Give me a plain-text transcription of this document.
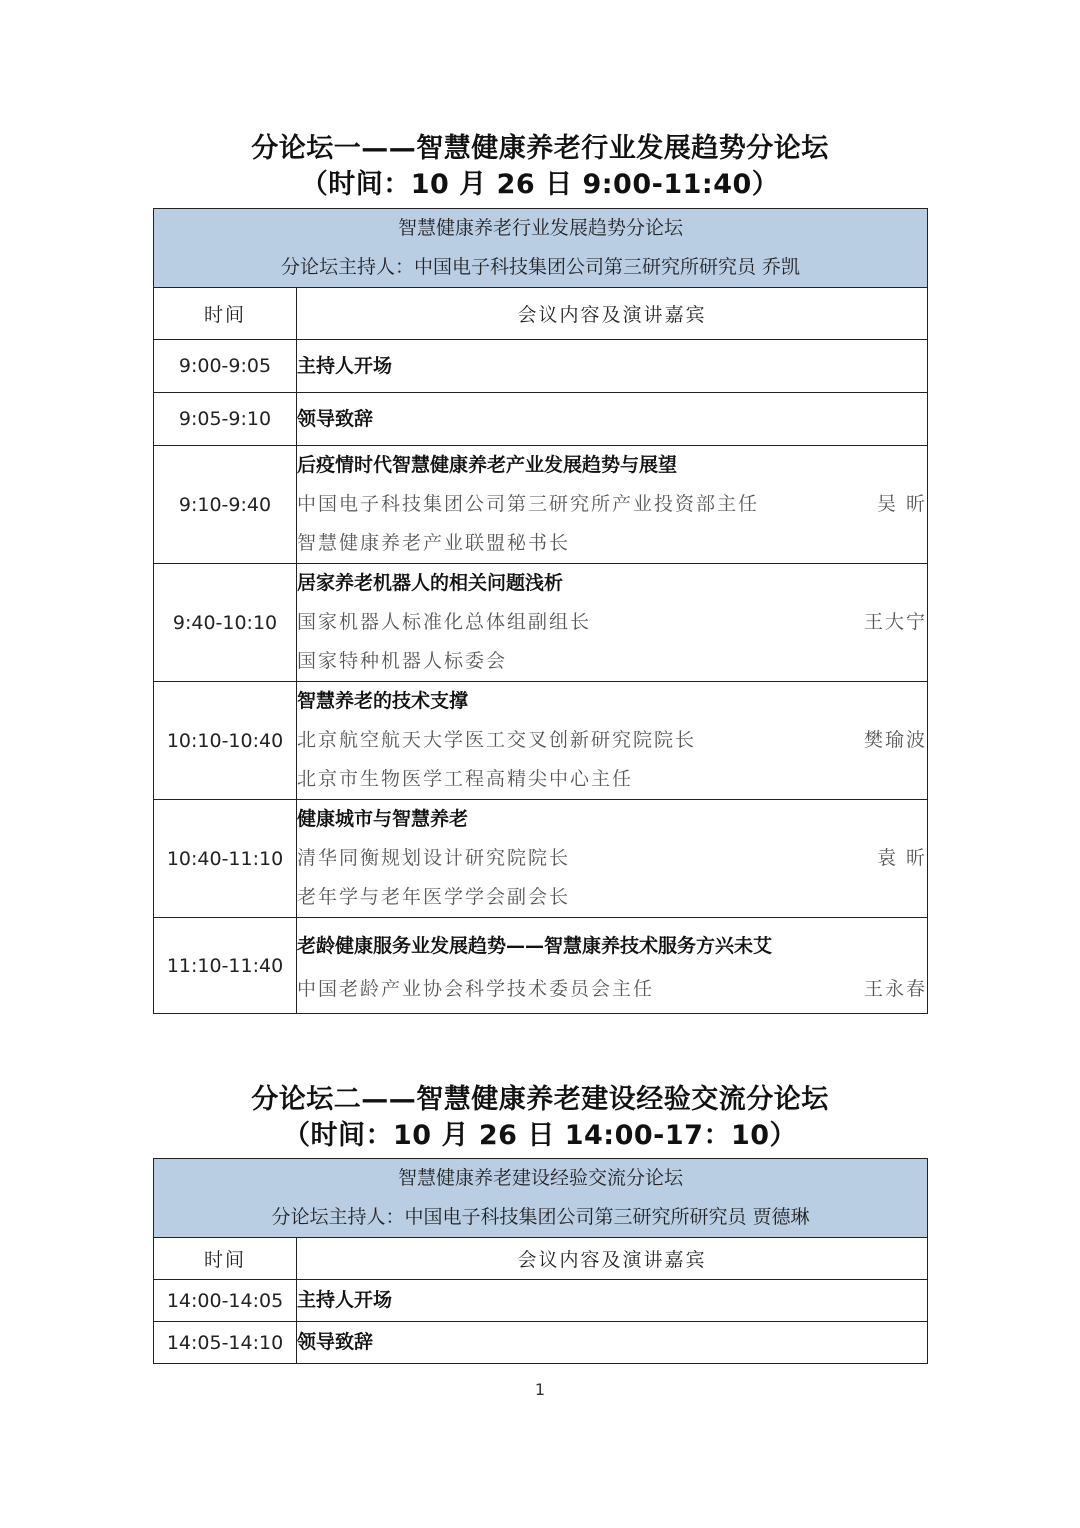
分论坛一——智慧健康养老行业发展趋势分论坛
（时间：10 月 26 日 9:00-11:40）
智慧健康养老行业发展趋势分论坛
分论坛主持人：中国电子科技集团公司第三研究所研究员 乔凯	

时间	会议内容及演讲嘉宾
9:00-9:05	主持人开场

9:05-9:10	领导致辞

9:10-9:40	后疫情时代智慧健康养老产业发展趋势与展望
中国电子科技集团公司第三研究所产业投资部主任 吴 昕
智慧健康养老产业联盟秘书长

9:40-10:10	居家养老机器人的相关问题浅析
国家机器人标准化总体组副组长 王大宁
国家特种机器人标委会

10:10-10:40	智慧养老的技术支撑
北京航空航天大学医工交叉创新研究院院长 樊瑜波
北京市生物医学工程高精尖中心主任

10:40-11:10	健康城市与智慧养老
清华同衡规划设计研究院院长 袁 昕
老年学与老年医学学会副会长

11:10-11:40	老龄健康服务业发展趋势——智慧康养技术服务方兴未艾
中国老龄产业协会科学技术委员会主任 王永春
分论坛二——智慧健康养老建设经验交流分论坛
（时间：10 月 26 日 14:00-17：10）
智慧健康养老建设经验交流分论坛
分论坛主持人：中国电子科技集团公司第三研究所研究员 贾德琳	

时间	会议内容及演讲嘉宾
14:00-14:05	主持人开场

14:05-14:10	领导致辞
1
